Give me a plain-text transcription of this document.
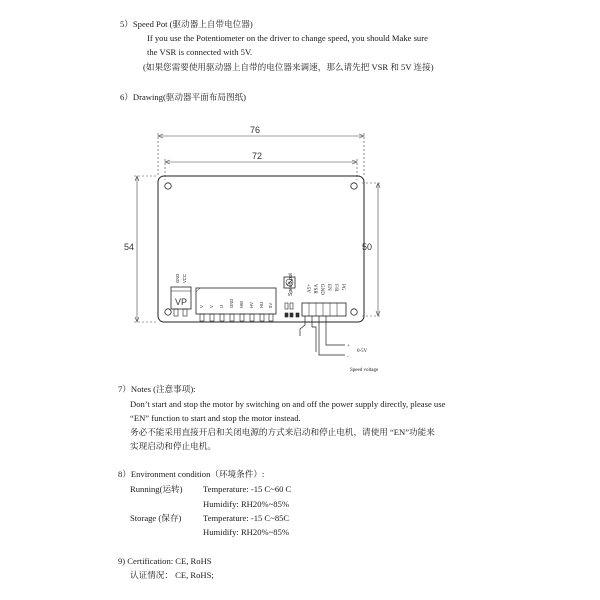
5）Speed Pot (驱动器上自带电位器)
If you use the Potentiometer on the driver to change speed, you should Make sure
the VSR is connected with 5V.
(如果您需要使用驱动器上自带的电位器来调速，那么请先把 VSR 和 5V 连接)
6）Drawing(驱动器平面布局图纸)
GND VCC
VP	V V U GND HW HV HU 5V
Speed pot +5V VSR GND EN F/R PG
+
-
0-5V
Speed voltage
76
72
54	50
7）Notes (注意事项):
Don’t start and stop the motor by switching on and off the power supply directly, please use
“EN” function to start and stop the motor instead.
务必不能采用直接开启和关闭电源的方式来启动和停止电机，请使用 “EN”功能来
实现启动和停止电机。
8）Environment condition（环境条件）:
Running(运转) Temperature: -15 C~60 C
Humidify: RH20%~85%
Storage (保存)	Temperature: -15 C~85C
Humidify: RH20%~85%
9) Certification: CE, RoHS
认证情况： CE, RoHS;
